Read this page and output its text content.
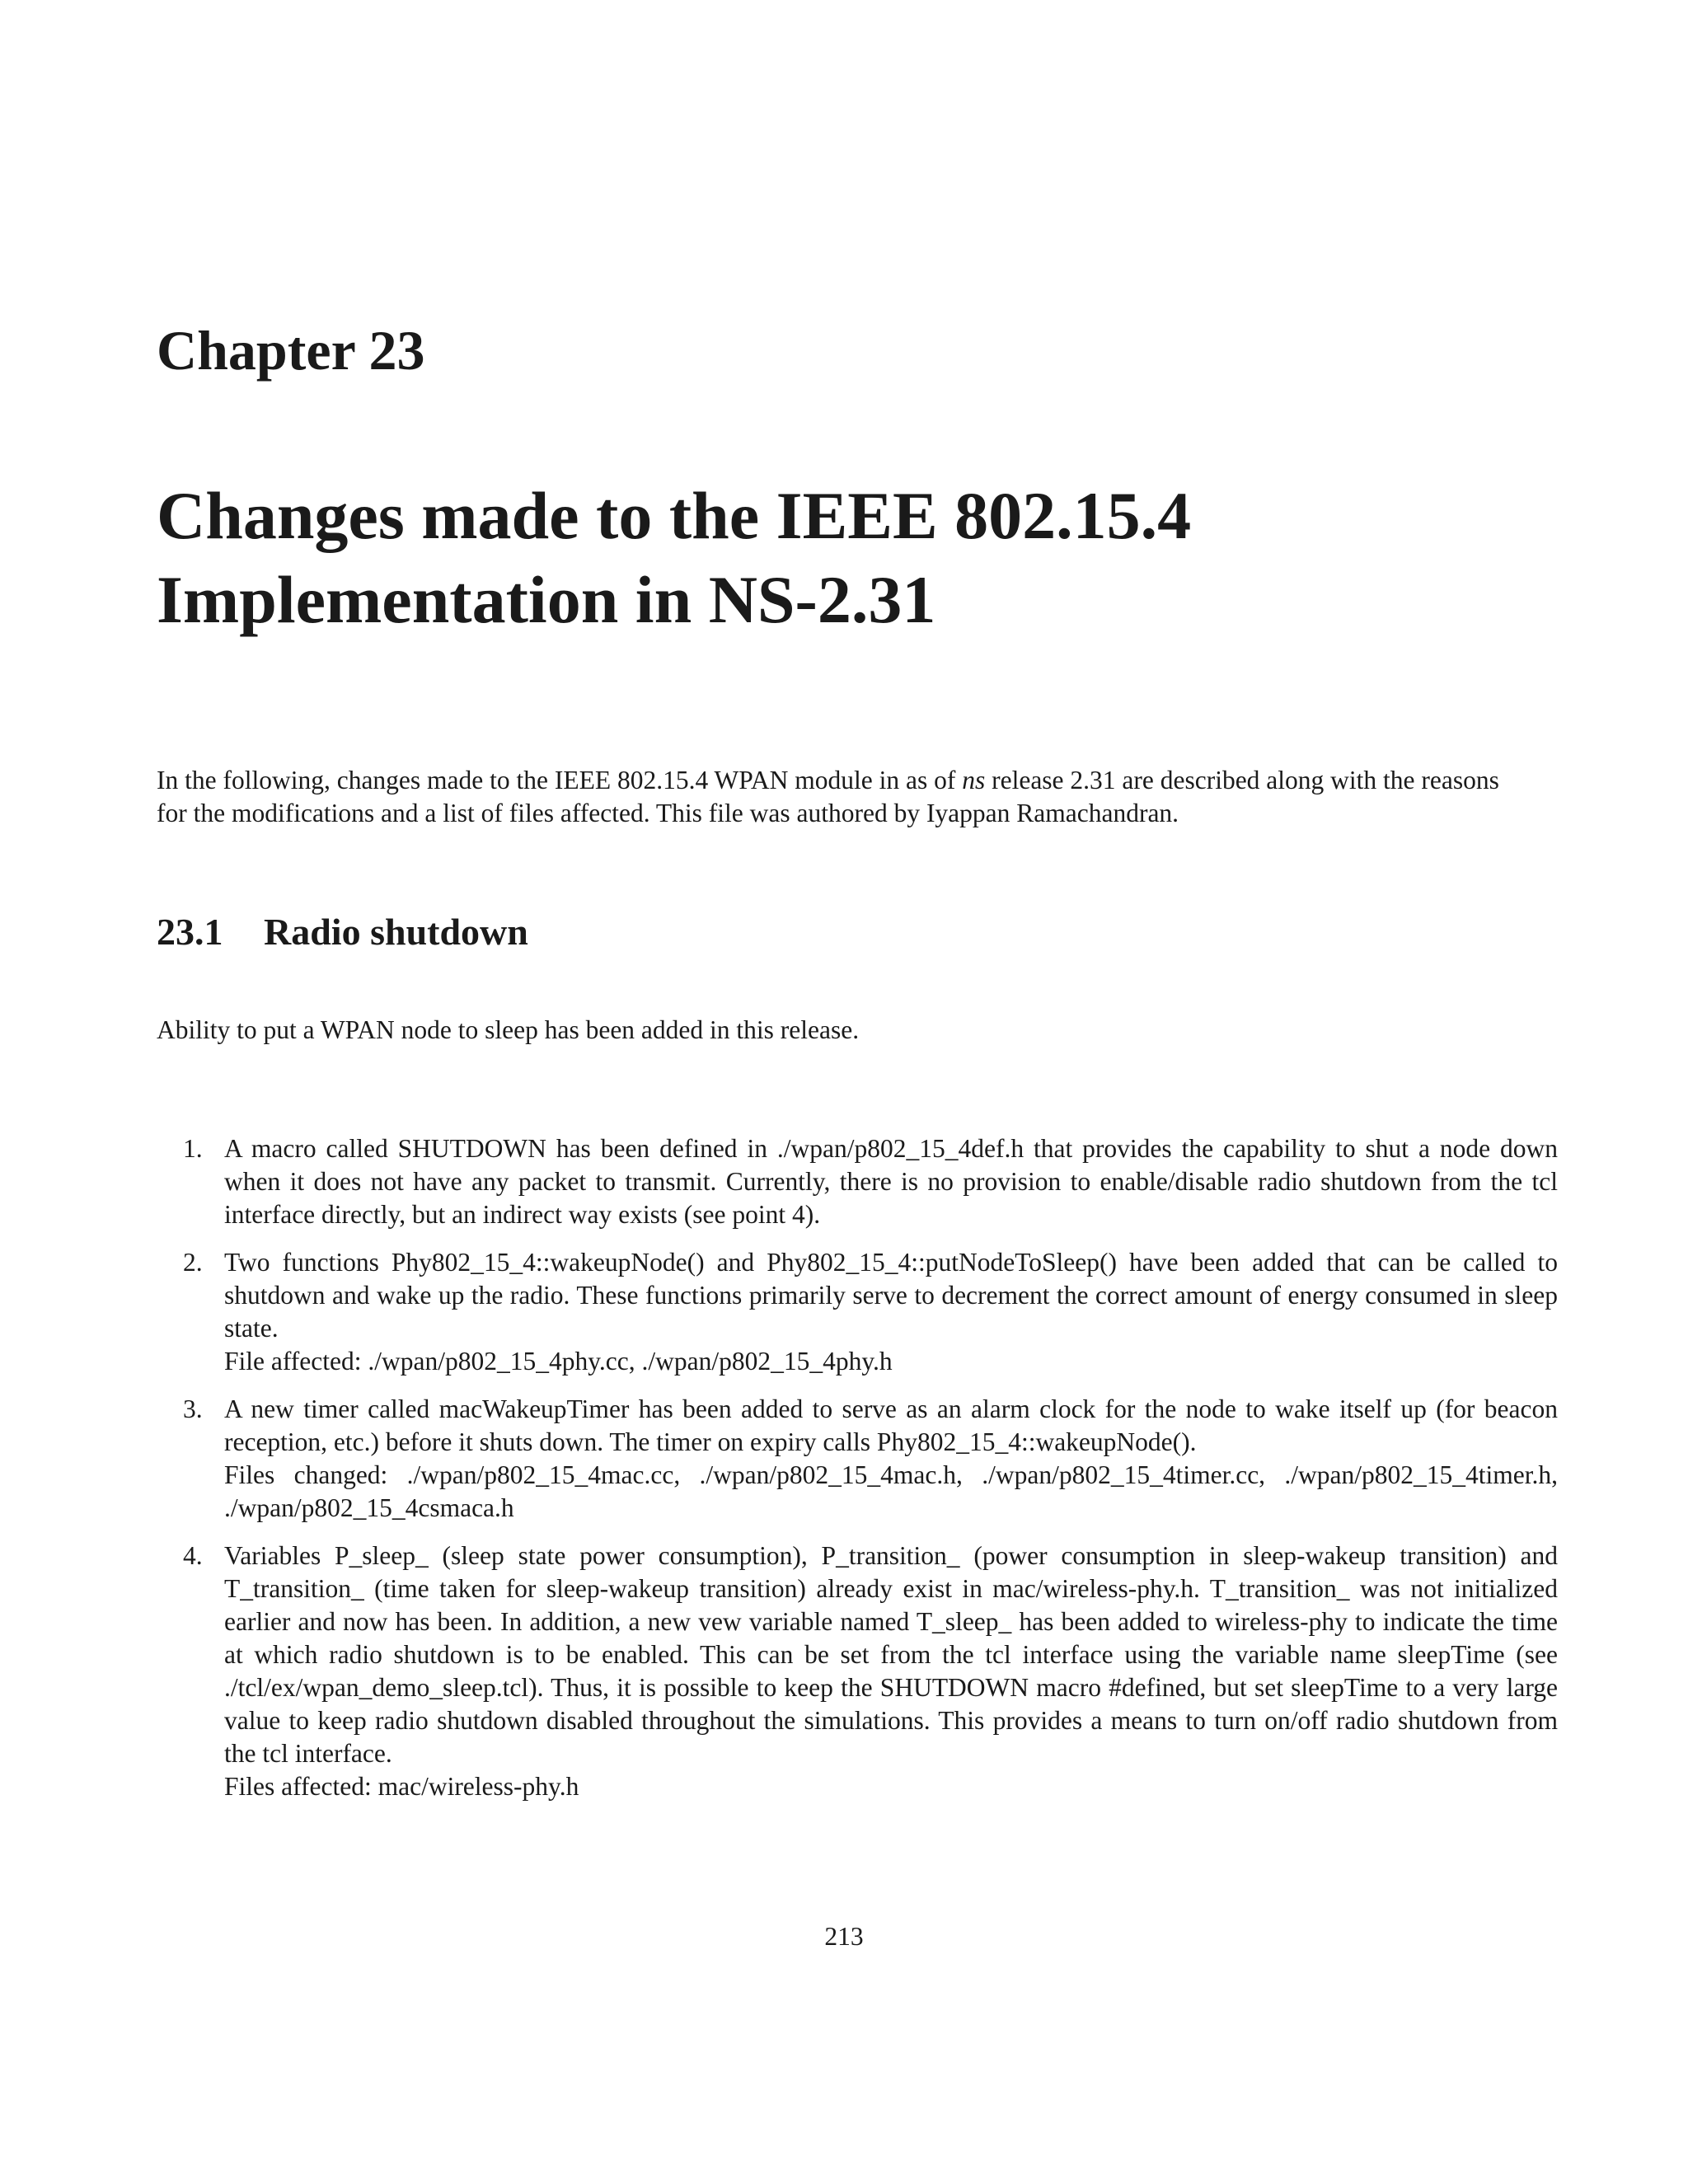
Chapter 23
Changes made to the IEEE 802.15.4
Implementation in NS-2.31

In the following, changes made to the IEEE 802.15.4 WPAN module in as of ns release 2.31 are described along with the reasons for the modifications and a list of files affected. This file was authored by Iyappan Ramachandran.

23.1 Radio shutdown

Ability to put a WPAN node to sleep has been added in this release.

1. A macro called SHUTDOWN has been defined in ./wpan/p802_15_4def.h that provides the capability to shut a node down when it does not have any packet to transmit. Currently, there is no provision to enable/disable radio shutdown from the tcl interface directly, but an indirect way exists (see point 4).

2. Two functions Phy802_15_4::wakeupNode() and Phy802_15_4::putNodeToSleep() have been added that can be called to shutdown and wake up the radio. These functions primarily serve to decrement the correct amount of energy consumed in sleep state.

File affected: ./wpan/p802_15_4phy.cc, ./wpan/p802_15_4phy.h

3. A new timer called macWakeupTimer has been added to serve as an alarm clock for the node to wake itself up (for beacon reception, etc.) before it shuts down. The timer on expiry calls Phy802_15_4::wakeupNode().

Files changed: ./wpan/p802_15_4mac.cc, ./wpan/p802_15_4mac.h, ./wpan/p802_15_4timer.cc, ./wpan/p802_15_4timer.h, ./wpan/p802_15_4csmaca.h

4. Variables P_sleep_ (sleep state power consumption), P_transition_ (power consumption in sleep-wakeup transition) and T_transition_ (time taken for sleep-wakeup transition) already exist in mac/wireless-phy.h. T_transition_ was not initialized earlier and now has been. In addition, a new vew variable named T_sleep_ has been added to wireless-phy to indicate the time at which radio shutdown is to be enabled. This can be set from the tcl interface using the variable name sleepTime (see ./tcl/ex/wpan_demo_sleep.tcl). Thus, it is possible to keep the SHUTDOWN macro #defined, but set sleepTime to a very large value to keep radio shutdown disabled throughout the simulations. This provides a means to turn on/off radio shutdown from the tcl interface.

Files affected: mac/wireless-phy.h

213
